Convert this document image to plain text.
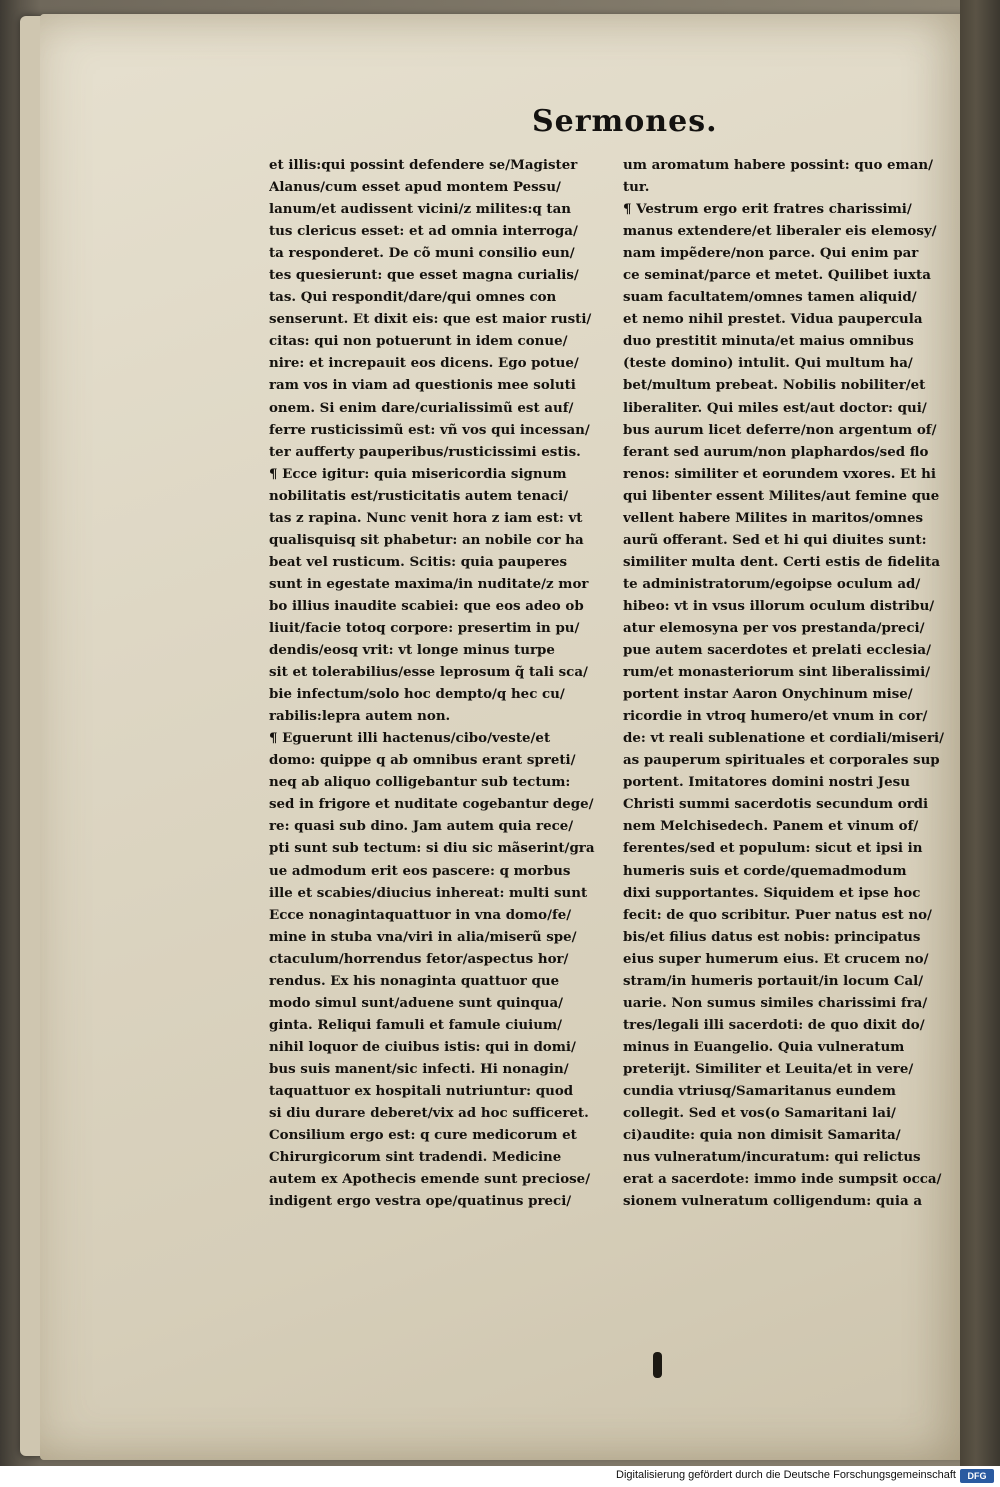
Sermones.
et illis:qui possint defendere se/Magister
Alanus/cum esset apud montem Pessu/
lanum/et audissent vicini/z milites:q tan
tus clericus esset: et ad omnia interroga/
ta responderet. De cõ muni consilio eun/
tes quesierunt: que esset magna curialis/
tas. Qui respondit/dare/qui omnes con
senserunt. Et dixit eis: que est maior rusti/
citas: qui non potuerunt in idem conue/
nire: et increpauit eos dicens. Ego potue/
ram vos in viam ad questionis mee soluti
onem. Si enim dare/curialissimũ est auf/
ferre rusticissimũ est: vñ vos qui incessan/
ter aufferty pauperibus/rusticissimi estis.
¶ Ecce igitur: quia misericordia signum
nobilitatis est/rusticitatis autem tenaci/
tas z rapina. Nunc venit hora z iam est: vt
qualisquisq sit phabetur: an nobile cor ha
beat vel rusticum. Scitis: quia pauperes
sunt in egestate maxima/in nuditate/z mor
bo illius inaudite scabiei: que eos adeo ob
liuit/facie totoq corpore: presertim in pu/
dendis/eosq vrit: vt longe minus turpe
sit et tolerabilius/esse leprosum q̃ tali sca/
bie infectum/solo hoc dempto/q hec cu/
rabilis:lepra autem non.
¶ Eguerunt illi hactenus/cibo/veste/et
domo: quippe q ab omnibus erant spreti/
neq ab aliquo colligebantur sub tectum:
sed in frigore et nuditate cogebantur dege/
re: quasi sub dino. Jam autem quia rece/
pti sunt sub tectum: si diu sic mãserint/gra
ue admodum erit eos pascere: q morbus
ille et scabies/diucius inhereat: multi sunt
Ecce nonagintaquattuor in vna domo/fe/
mine in stuba vna/viri in alia/miserũ spe/
ctaculum/horrendus fetor/aspectus hor/
rendus. Ex his nonaginta quattuor que
modo simul sunt/aduene sunt quinqua/
ginta. Reliqui famuli et famule ciuium/
nihil loquor de ciuibus istis: qui in domi/
bus suis manent/sic infecti. Hi nonagin/
taquattuor ex hospitali nutriuntur: quod
si diu durare deberet/vix ad hoc sufficeret.
Consilium ergo est: q cure medicorum et
Chirurgicorum sint tradendi. Medicine
autem ex Apothecis emende sunt preciose/
indigent ergo vestra ope/quatinus preci/
um aromatum habere possint: quo eman/
tur.
¶ Vestrum ergo erit fratres charissimi/
manus extendere/et liberaler eis elemosy/
nam impẽdere/non parce. Qui enim par
ce seminat/parce et metet. Quilibet iuxta
suam facultatem/omnes tamen aliquid/
et nemo nihil prestet. Vidua paupercula
duo prestitit minuta/et maius omnibus
(teste domino) intulit. Qui multum ha/
bet/multum prebeat. Nobilis nobiliter/et
liberaliter. Qui miles est/aut doctor: qui/
bus aurum licet deferre/non argentum of/
ferant sed aurum/non plaphardos/sed flo
renos: similiter et eorundem vxores. Et hi
qui libenter essent Milites/aut femine que
vellent habere Milites in maritos/omnes
aurũ offerant. Sed et hi qui diuites sunt:
similiter multa dent. Certi estis de fidelita
te administratorum/egoipse oculum ad/
hibeo: vt in vsus illorum oculum distribu/
atur elemosyna per vos prestanda/preci/
pue autem sacerdotes et prelati ecclesia/
rum/et monasteriorum sint liberalissimi/
portent instar Aaron Onychinum mise/
ricordie in vtroq humero/et vnum in cor/
de: vt reali sublenatione et cordiali/miseri/
as pauperum spirituales et corporales sup
portent. Imitatores domini nostri Jesu
Christi summi sacerdotis secundum ordi
nem Melchisedech. Panem et vinum of/
ferentes/sed et populum: sicut et ipsi in
humeris suis et corde/quemadmodum
dixi supportantes. Siquidem et ipse hoc
fecit: de quo scribitur. Puer natus est no/
bis/et filius datus est nobis: principatus
eius super humerum eius. Et crucem no/
stram/in humeris portauit/in locum Cal/
uarie. Non sumus similes charissimi fra/
tres/legali illi sacerdoti: de quo dixit do/
minus in Euangelio. Quia vulneratum
preterijt. Similiter et Leuita/et in vere/
cundia vtriusq/Samaritanus eundem
collegit. Sed et vos(o Samaritani lai/
ci)audite: quia non dimisit Samarita/
nus vulneratum/incuratum: qui relictus
erat a sacerdote: immo inde sumpsit occa/
sionem vulneratum colligendum: quia a
Digitalisierung gefördert durch die Deutsche Forschungsgemeinschaft	DFG
